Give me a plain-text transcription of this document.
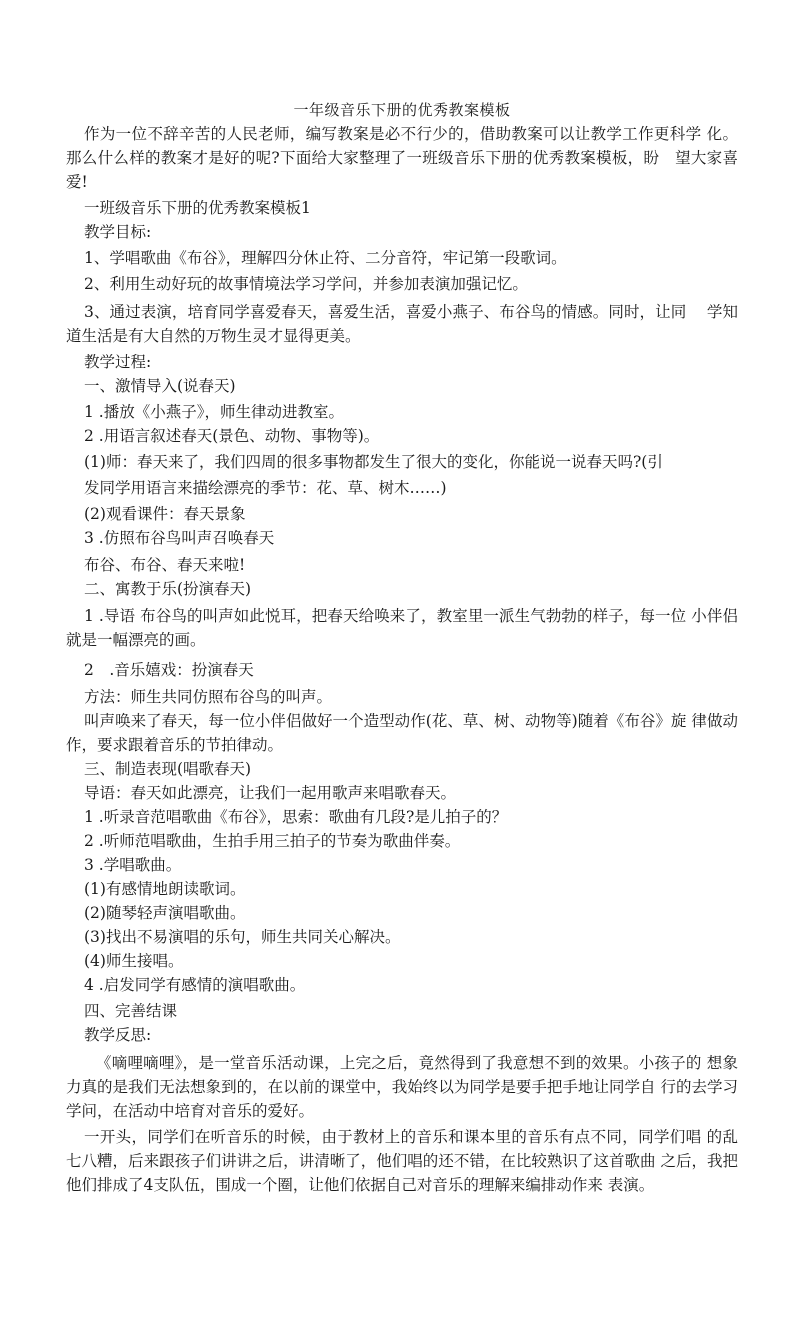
一年级音乐下册的优秀教案模板

作为一位不辞辛苦的人民老师，编写教案是必不行少的，借助教案可以让教学工作更科学 化。那么什么样的教案才是好的呢?下面给大家整理了一班级音乐下册的优秀教案模板，盼　望大家喜爱!

一班级音乐下册的优秀教案模板1

教学目标:

1、学唱歌曲《布谷》，理解四分休止符、二分音符，牢记第一段歌词。

2、利用生动好玩的故事情境法学习学问，并参加表演加强记忆。

3、通过表演，培育同学喜爱春天，喜爱生活，喜爱小燕子、布谷鸟的情感。同时，让同　 学知道生活是有大自然的万物生灵才显得更美。

教学过程:

一、激情导入(说春天)

1 .播放《小燕子》，师生律动进教室。

2 .用语言叙述春天(景色、动物、事物等)。

(1)师：春天来了，我们四周的很多事物都发生了很大的变化，你能说一说春天吗?(引

发同学用语言来描绘漂亮的季节：花、草、树木……)

(2)观看课件：春天景象

3 .仿照布谷鸟叫声召唤春天

布谷、布谷、春天来啦!

二、寓教于乐(扮演春天)

1 .导语 布谷鸟的叫声如此悦耳，把春天给唤来了，教室里一派生气勃勃的样子，每一位 小伴侣就是一幅漂亮的画。

2　.音乐嬉戏：扮演春天

方法：师生共同仿照布谷鸟的叫声。

叫声唤来了春天，每一位小伴侣做好一个造型动作(花、草、树、动物等)随着《布谷》旋 律做动作，要求跟着音乐的节拍律动。

三、制造表现(唱歌春天)

导语：春天如此漂亮，让我们一起用歌声来唱歌春天。

1 .听录音范唱歌曲《布谷》，思索：歌曲有几段?是儿拍子的？

2 .听师范唱歌曲，生拍手用三拍子的节奏为歌曲伴奏。

3 .学唱歌曲。

(1)有感情地朗读歌词。

(2)随琴轻声演唱歌曲。

(3)找出不易演唱的乐句，师生共同关心解决。

(4)师生接唱。

4 .启发同学有感情的演唱歌曲。

四、完善结课

教学反思:

《嘀哩嘀哩》，是一堂音乐活动课，上完之后，竟然得到了我意想不到的效果。小孩子的 想象力真的是我们无法想象到的，在以前的课堂中，我始终以为同学是要手把手地让同学自 行的去学习学问，在活动中培育对音乐的爱好。

一开头，同学们在听音乐的时候，由于教材上的音乐和课本里的音乐有点不同，同学们唱 的乱七八糟，后来跟孩子们讲讲之后，讲清晰了，他们唱的还不错，在比较熟识了这首歌曲 之后，我把他们排成了4支队伍，围成一个圈，让他们依据自己对音乐的理解来编排动作来 表演。
